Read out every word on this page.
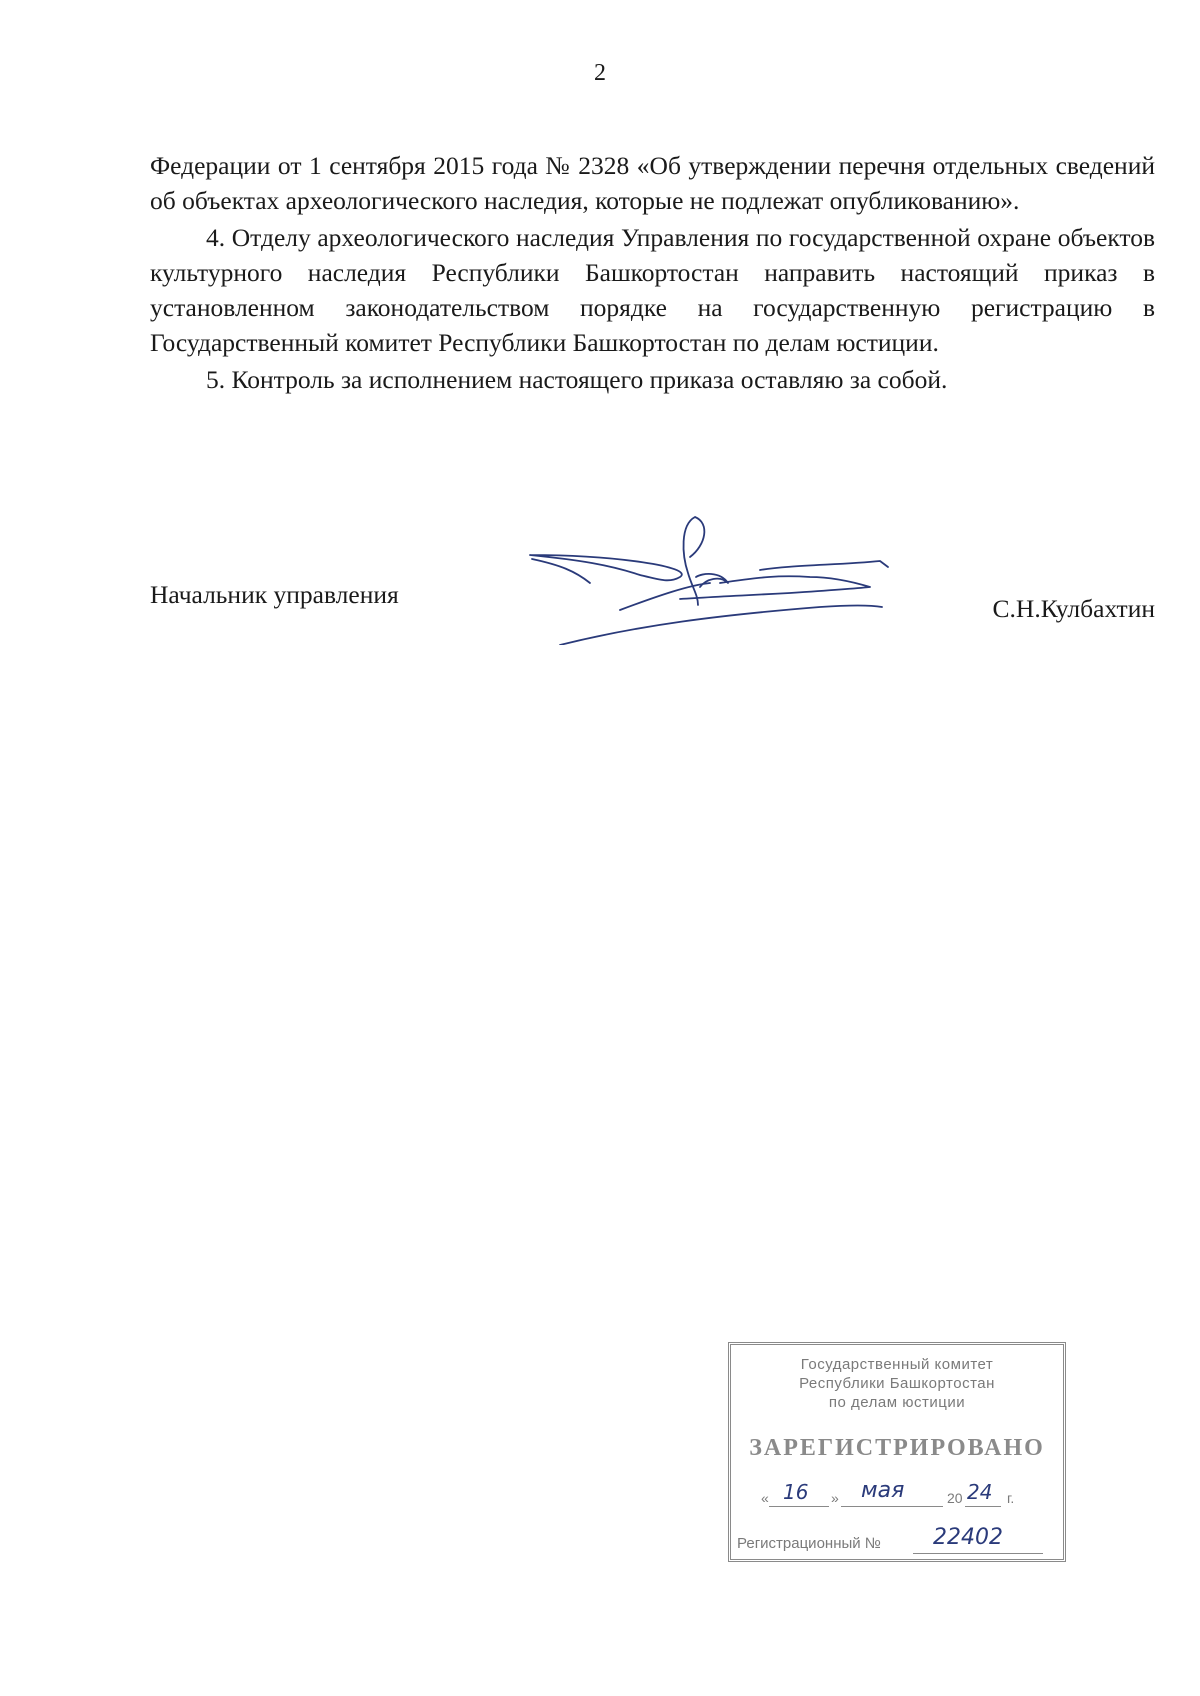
2

Федерации от 1 сентября 2015 года № 2328 «Об утверждении перечня отдельных сведений об объектах археологического наследия, которые не подлежат опубликованию».

4. Отделу археологического наследия Управления по государственной охране объектов культурного наследия Республики Башкортостан направить настоящий приказ в установленном законодательством порядке на государственную регистрацию в Государственный комитет Республики Башкортостан по делам юстиции.

5. Контроль за исполнением настоящего приказа оставляю за собой.

Начальник управления	С.Н.Кулбахтин
Государственный комитет
Республики Башкортостан
по делам юстиции
ЗАРЕГИСТРИРОВАНО
« 16 » мая	20 24 г.
Регистрационный № 22402
